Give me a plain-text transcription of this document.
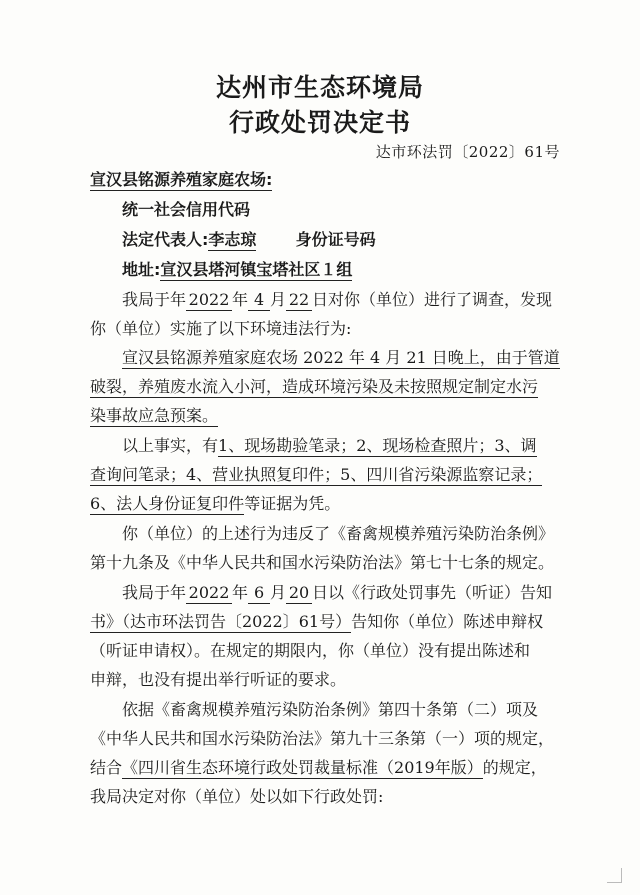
达州市生态环境局
行政处罚决定书
达市环法罚〔2022〕61号
宣汉县铭源养殖家庭农场:
统一社会信用代码
法定代表人:李志琼 身份证号码
地址:宣汉县塔河镇宝塔社区１组
我局于年 2022 年 4 月 22 日对你（单位）进行了调查，发现
你（单位）实施了以下环境违法行为:
宣汉县铭源养殖家庭农场 2022 年 4 月 21 日晚上，由于管道
破裂，养殖废水流入小河，造成环境污染及未按照规定制定水污
染事故应急预案。
以上事实，有1、现场勘验笔录；2、现场检查照片；3、调
查询问笔录；4、营业执照复印件；5、四川省污染源监察记录；
6、法人身份证复印件等证据为凭。
你（单位）的上述行为违反了《畜禽规模养殖污染防治条例》
第十九条及《中华人民共和国水污染防治法》第七十七条的规定。
我局于年 2022 年 6 月 20 日以《行政处罚事先（听证）告知
书》（达市环法罚告〔2022〕61号）告知你（单位）陈述申辩权
（听证申请权）。在规定的期限内，你（单位）没有提出陈述和
申辩，也没有提出举行听证的要求。
依据《畜禽规模养殖污染防治条例》第四十条第（二）项及
《中华人民共和国水污染防治法》第九十三条第（一）项的规定，
结合《四川省生态环境行政处罚裁量标准（2019年版）的规定，
我局决定对你（单位）处以如下行政处罚:
